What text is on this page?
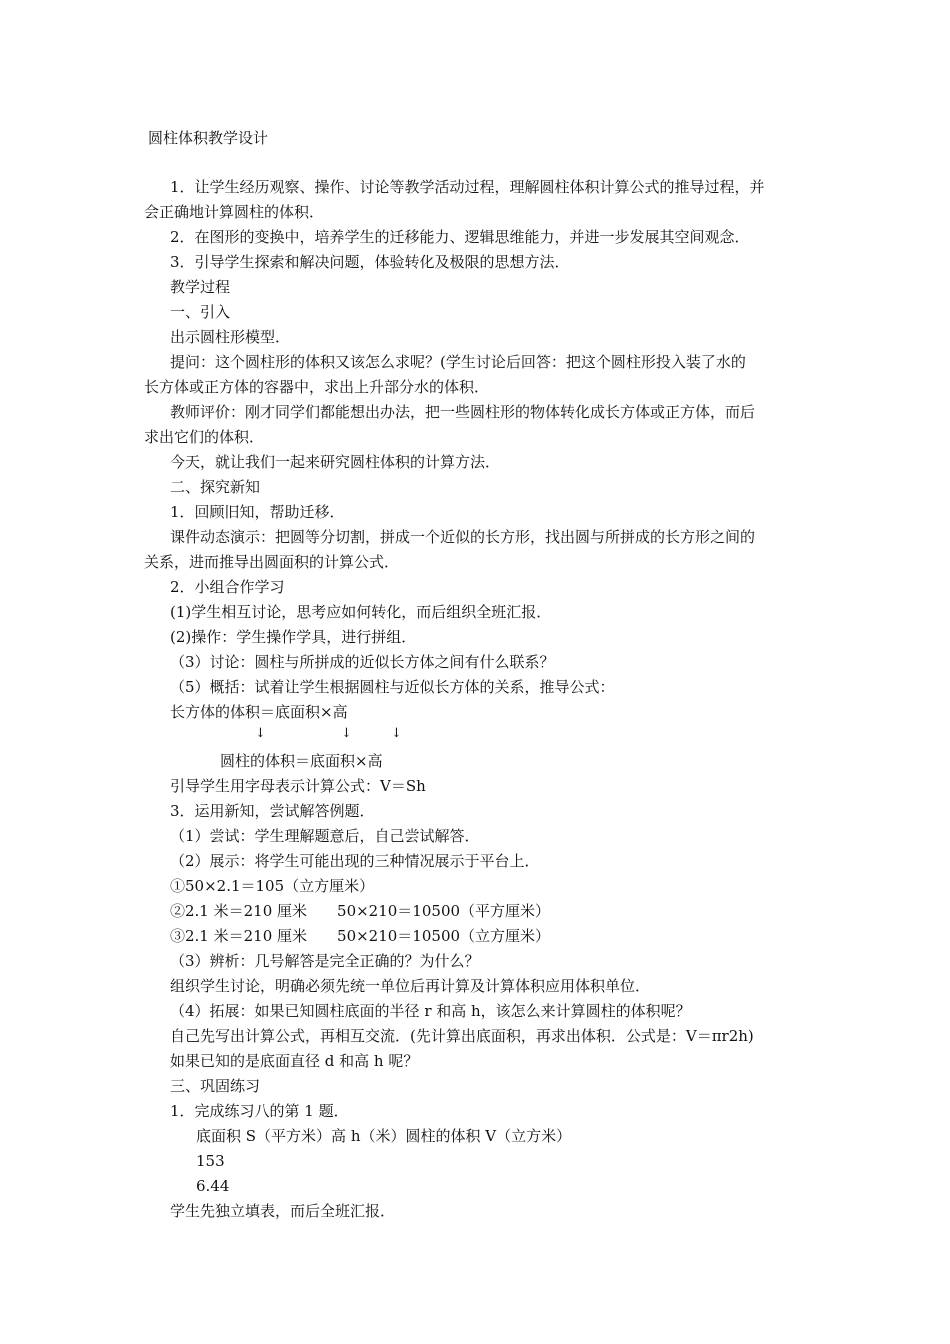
圆柱体积教学设计
1．让学生经历观察、操作、讨论等教学活动过程，理解圆柱体积计算公式的推导过程，并
会正确地计算圆柱的体积．
2．在图形的变换中，培养学生的迁移能力、逻辑思维能力，并进一步发展其空间观念．
3．引导学生探索和解决问题，体验转化及极限的思想方法．
教学过程
一、引入
出示圆柱形模型．
提问：这个圆柱形的体积又该怎么求呢？(学生讨论后回答：把这个圆柱形投入装了水的
长方体或正方体的容器中，求出上升部分水的体积．
教师评价：刚才同学们都能想出办法，把一些圆柱形的物体转化成长方体或正方体，而后
求出它们的体积．
今天，就让我们一起来研究圆柱体积的计算方法．
二、探究新知
1．回顾旧知，帮助迁移．
课件动态演示：把圆等分切割，拼成一个近似的长方形，找出圆与所拼成的长方形之间的
关系，进而推导出圆面积的计算公式．
2．小组合作学习
(1)学生相互讨论，思考应如何转化，而后组织全班汇报．
(2)操作：学生操作学具，进行拼组．
（3）讨论：圆柱与所拼成的近似长方体之间有什么联系？
（5）概括：试着让学生根据圆柱与近似长方体的关系，推导公式：
长方体的体积＝底面积×高
↓	↓	↓
圆柱的体积＝底面积×高
引导学生用字母表示计算公式：V＝Sh
3．运用新知，尝试解答例题．
（1）尝试：学生理解题意后，自己尝试解答．
（2）展示：将学生可能出现的三种情况展示于平台上．
①50×2.1＝105（立方厘米）
②2.1 米＝210 厘米　　50×210＝10500（平方厘米）
③2.1 米＝210 厘米　　50×210＝10500（立方厘米）
（3）辨析：几号解答是完全正确的？为什么？
组织学生讨论，明确必须先统一单位后再计算及计算体积应用体积单位．
（4）拓展：如果已知圆柱底面的半径 r 和高 h，该怎么来计算圆柱的体积呢？
自己先写出计算公式，再相互交流．(先计算出底面积，再求出体积．公式是：V＝πr2h)
如果已知的是底面直径 d 和高 h 呢？
三、巩固练习
1．完成练习八的第 1 题．
底面积 S（平方米）高 h（米）圆柱的体积 V（立方米）
153
6.44
学生先独立填表，而后全班汇报．
